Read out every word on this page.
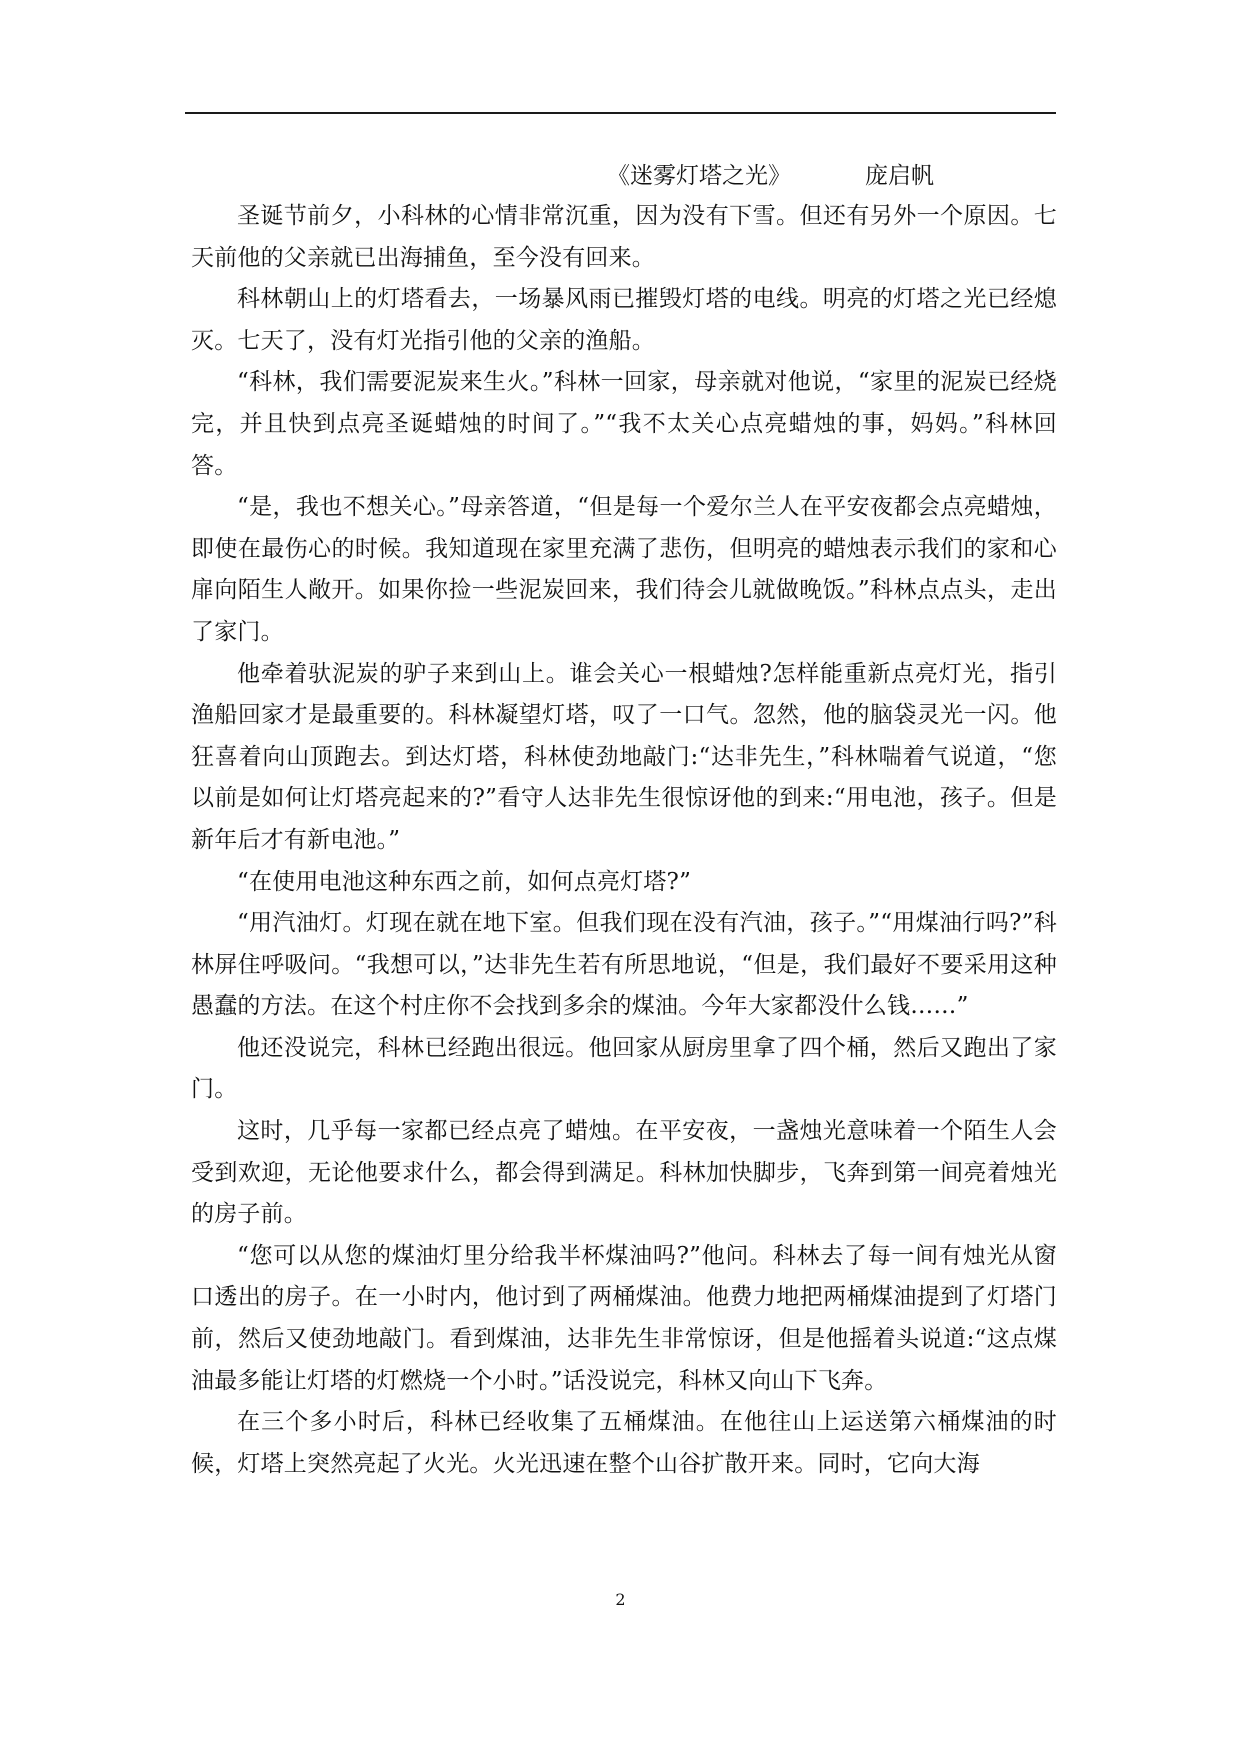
《迷雾灯塔之光》	庞启帆

圣诞节前夕，小科林的心情非常沉重，因为没有下雪。但还有另外一个原因。七天前他的父亲就已出海捕鱼，至今没有回来。

科林朝山上的灯塔看去，一场暴风雨已摧毁灯塔的电线。明亮的灯塔之光已经熄灭。七天了，没有灯光指引他的父亲的渔船。

“科林，我们需要泥炭来生火。”科林一回家，母亲就对他说，“家里的泥炭已经烧完，并且快到点亮圣诞蜡烛的时间了。”“我不太关心点亮蜡烛的事，妈妈。”科林回答。

“是，我也不想关心。”母亲答道，“但是每一个爱尔兰人在平安夜都会点亮蜡烛，即使在最伤心的时候。我知道现在家里充满了悲伤，但明亮的蜡烛表示我们的家和心扉向陌生人敞开。如果你捡一些泥炭回来，我们待会儿就做晚饭。”科林点点头，走出了家门。

他牵着驮泥炭的驴子来到山上。谁会关心一根蜡烛?怎样能重新点亮灯光，指引渔船回家才是最重要的。科林凝望灯塔，叹了一口气。忽然，他的脑袋灵光一闪。他狂喜着向山顶跑去。到达灯塔，科林使劲地敲门:“达非先生，”科林喘着气说道，“您以前是如何让灯塔亮起来的?”看守人达非先生很惊讶他的到来:“用电池，孩子。但是新年后才有新电池。”

“在使用电池这种东西之前，如何点亮灯塔?”

“用汽油灯。灯现在就在地下室。但我们现在没有汽油，孩子。”“用煤油行吗?”科林屏住呼吸问。“我想可以，”达非先生若有所思地说，“但是，我们最好不要采用这种愚蠢的方法。在这个村庄你不会找到多余的煤油。今年大家都没什么钱……”

他还没说完，科林已经跑出很远。他回家从厨房里拿了四个桶，然后又跑出了家门。

这时，几乎每一家都已经点亮了蜡烛。在平安夜，一盏烛光意味着一个陌生人会受到欢迎，无论他要求什么，都会得到满足。科林加快脚步，飞奔到第一间亮着烛光的房子前。

“您可以从您的煤油灯里分给我半杯煤油吗?”他问。科林去了每一间有烛光从窗口透出的房子。在一小时内，他讨到了两桶煤油。他费力地把两桶煤油提到了灯塔门前，然后又使劲地敲门。看到煤油，达非先生非常惊讶，但是他摇着头说道:“这点煤油最多能让灯塔的灯燃烧一个小时。”话没说完，科林又向山下飞奔。

在三个多小时后，科林已经收集了五桶煤油。在他往山上运送第六桶煤油的时候，灯塔上突然亮起了火光。火光迅速在整个山谷扩散开来。同时，它向大海

2
